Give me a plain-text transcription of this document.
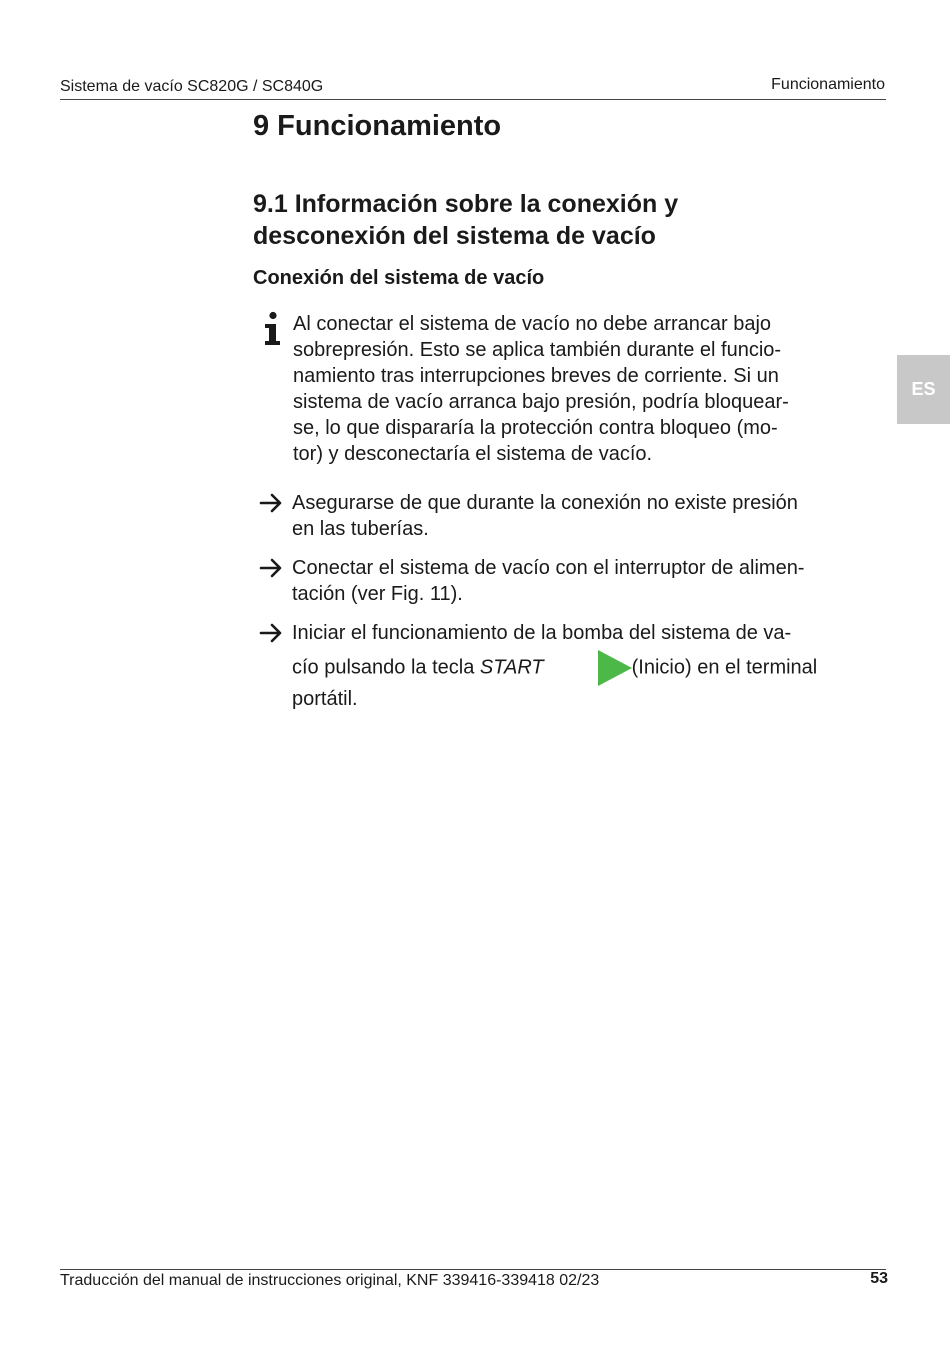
Sistema de vacío SC820G / SC840G	Funcionamiento
9 Funcionamiento
9.1 Información sobre la conexión y
desconexión del sistema de vacío
Conexión del sistema de vacío
Al conectar el sistema de vacío no debe arrancar bajo
sobrepresión. Esto se aplica también durante el funcio-
namiento tras interrupciones breves de corriente. Si un
sistema de vacío arranca bajo presión, podría bloquear-
se, lo que dispararía la protección contra bloqueo (mo-
tor) y desconectaría el sistema de vacío.
Asegurarse de que durante la conexión no existe presión
en las tuberías.
Conectar el sistema de vacío con el interruptor de alimen-
tación (ver Fig. 11).
Iniciar el funcionamiento de la bomba del sistema de va-
cío pulsando la tecla START	(Inicio) en el terminal
portátil.
ES
Traducción del manual de instrucciones original, KNF 339416-339418 02/23	53
